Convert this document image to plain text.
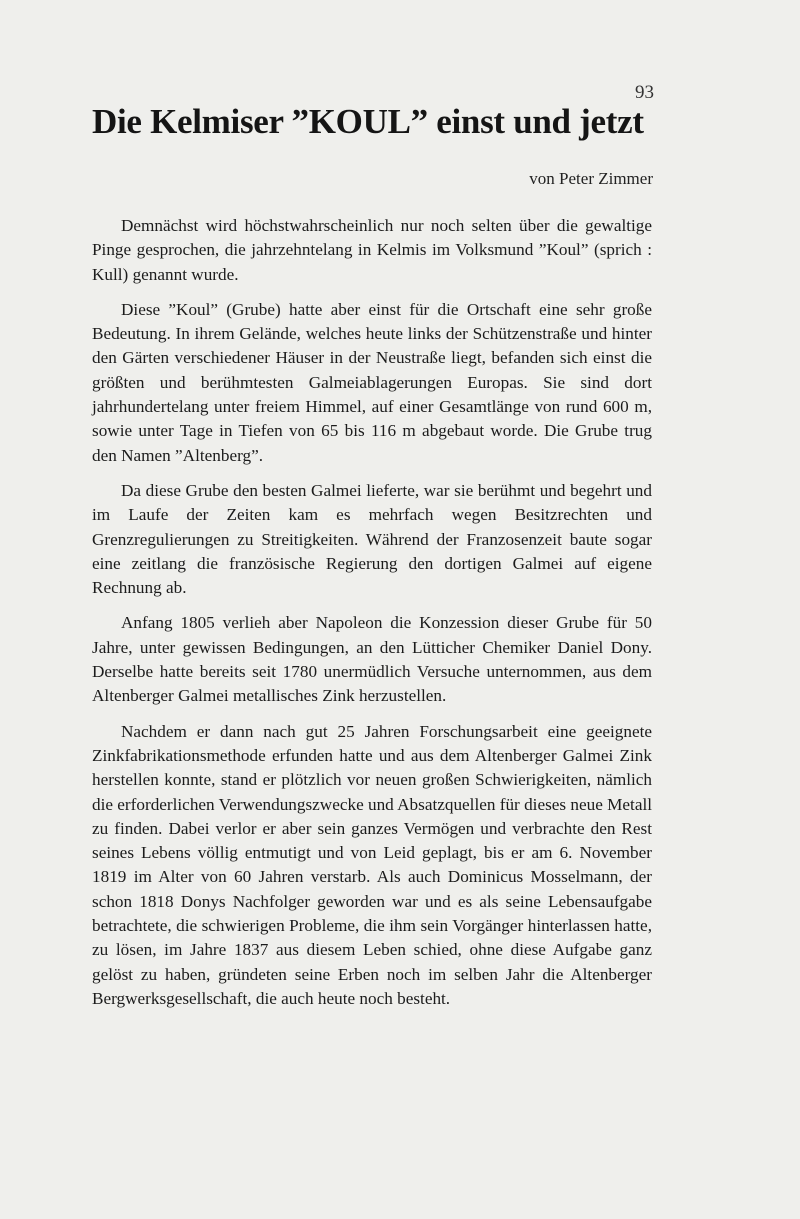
93
Die Kelmiser ”KOUL” einst und jetzt
von Peter Zimmer

Demnächst wird höchstwahrscheinlich nur noch selten über die gewaltige Pinge gesprochen, die jahrzehntelang in Kelmis im Volksmund ”Koul” (sprich : Kull) genannt wurde.

Diese ”Koul” (Grube) hatte aber einst für die Ortschaft eine sehr große Bedeutung. In ihrem Gelände, welches heute links der Schützenstraße und hinter den Gärten verschiedener Häuser in der Neustraße liegt, befanden sich einst die größten und berühmtesten Galmeiablagerungen Europas. Sie sind dort jahrhundertelang unter freiem Himmel, auf einer Gesamtlänge von rund 600 m, sowie unter Tage in Tiefen von 65 bis 116 m abgebaut worde. Die Grube trug den Namen ”Altenberg”.

Da diese Grube den besten Galmei lieferte, war sie berühmt und begehrt und im Laufe der Zeiten kam es mehrfach wegen Besitzrechten und Grenzregulierungen zu Streitigkeiten. Während der Franzosenzeit baute sogar eine zeitlang die französische Regierung den dortigen Galmei auf eigene Rechnung ab.

Anfang 1805 verlieh aber Napoleon die Konzession dieser Grube für 50 Jahre, unter gewissen Bedingungen, an den Lütticher Chemiker Daniel Dony. Derselbe hatte bereits seit 1780 unermüdlich Versuche unternommen, aus dem Altenberger Galmei metallisches Zink herzustellen.

Nachdem er dann nach gut 25 Jahren Forschungsarbeit eine geeignete Zinkfabrikationsmethode erfunden hatte und aus dem Altenberger Galmei Zink herstellen konnte, stand er plötzlich vor neuen großen Schwierigkeiten, nämlich die erforderlichen Verwendungszwecke und Absatzquellen für dieses neue Metall zu finden. Dabei verlor er aber sein ganzes Vermögen und verbrachte den Rest seines Lebens völlig entmutigt und von Leid geplagt, bis er am 6. November 1819 im Alter von 60 Jahren verstarb. Als auch Dominicus Mosselmann, der schon 1818 Donys Nachfolger geworden war und es als seine Lebensaufgabe betrachtete, die schwierigen Probleme, die ihm sein Vorgänger hinterlassen hatte, zu lösen, im Jahre 1837 aus diesem Leben schied, ohne diese Aufgabe ganz gelöst zu haben, gründeten seine Erben noch im selben Jahr die Altenberger Bergwerksgesellschaft, die auch heute noch besteht.
